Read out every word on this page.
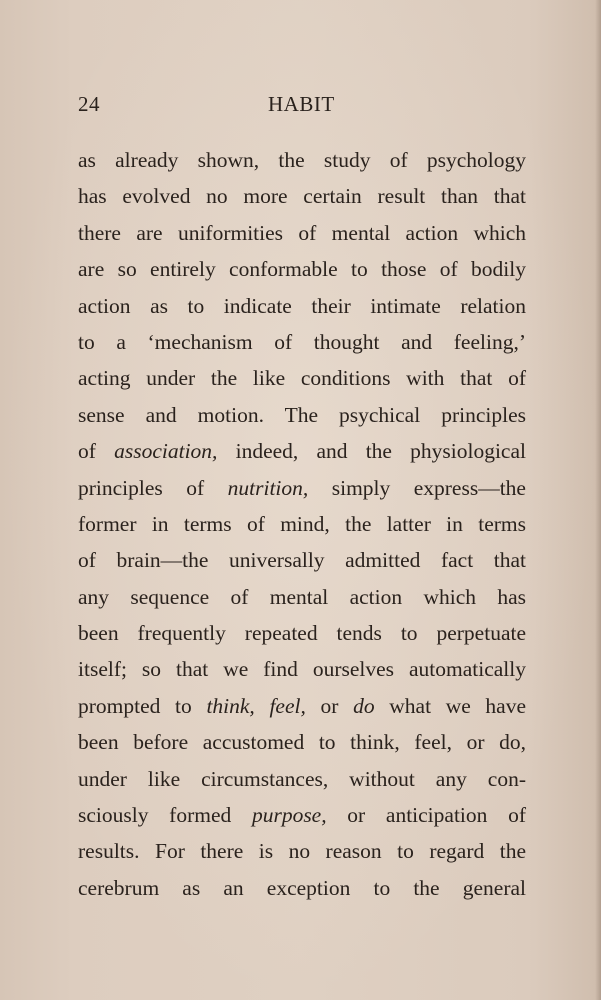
24	HABIT
as already shown, the study of psychology
has evolved no more certain result than that
there are uniformities of mental action which
are so entirely conformable to those of bodily
action as to indicate their intimate relation
to a ‘mechanism of thought and feeling,’
acting under the like conditions with that of
sense and motion. The psychical principles
of association, indeed, and the physiological
principles of nutrition, simply express—the
former in terms of mind, the latter in terms
of brain—the universally admitted fact that
any sequence of mental action which has
been frequently repeated tends to perpetuate
itself; so that we find ourselves automatically
prompted to think, feel, or do what we have
been before accustomed to think, feel, or do,
under like circumstances, without any con-
sciously formed purpose, or anticipation of
results. For there is no reason to regard the
cerebrum as an exception to the general
